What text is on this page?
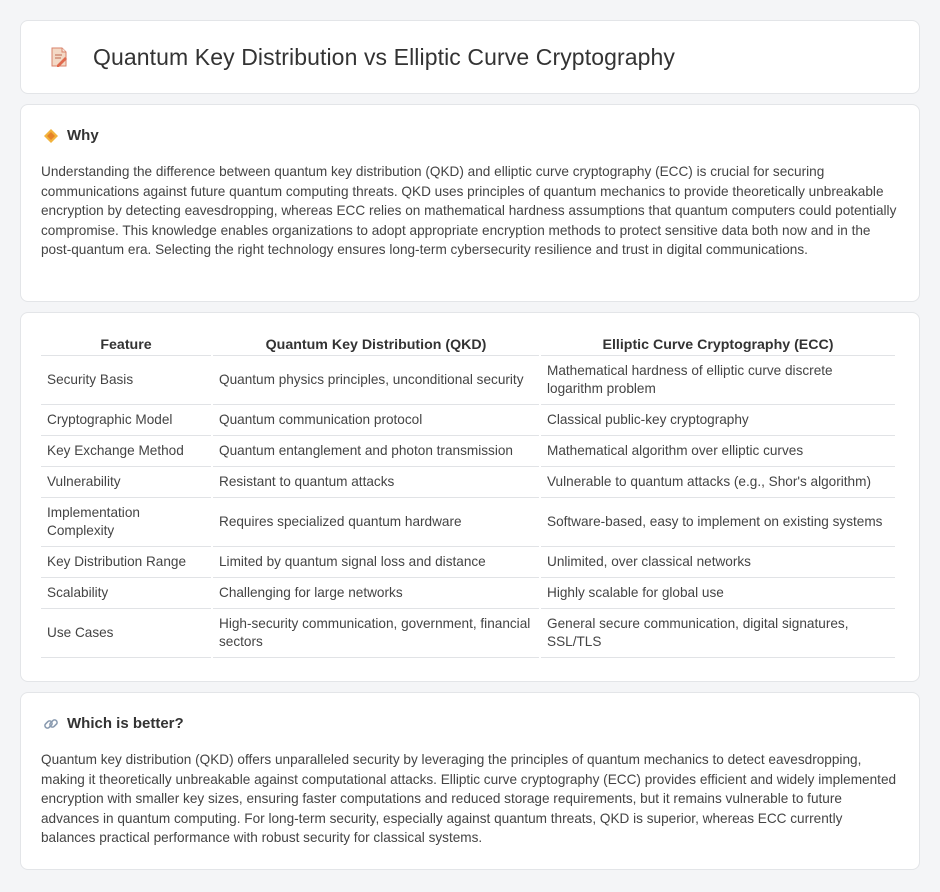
Quantum Key Distribution vs Elliptic Curve Cryptography
Why

Understanding the difference between quantum key distribution (QKD) and elliptic curve cryptography (ECC) is crucial for securing communications against future quantum computing threats. QKD uses principles of quantum mechanics to provide theoretically unbreakable encryption by detecting eavesdropping, whereas ECC relies on mathematical hardness assumptions that quantum computers could potentially compromise. This knowledge enables organizations to adopt appropriate encryption methods to protect sensitive data both now and in the post-quantum era. Selecting the right technology ensures long-term cybersecurity resilience and trust in digital communications.

Feature	Quantum Key Distribution (QKD)	Elliptic Curve Cryptography (ECC)
Security Basis	Quantum physics principles, unconditional security	Mathematical hardness of elliptic curve discrete logarithm problem
Cryptographic Model	Quantum communication protocol	Classical public-key cryptography
Key Exchange Method	Quantum entanglement and photon transmission	Mathematical algorithm over elliptic curves
Vulnerability	Resistant to quantum attacks	Vulnerable to quantum attacks (e.g., Shor's algorithm)
Implementation Complexity	Requires specialized quantum hardware	Software-based, easy to implement on existing systems
Key Distribution Range	Limited by quantum signal loss and distance	Unlimited, over classical networks
Scalability	Challenging for large networks	Highly scalable for global use
Use Cases	High-security communication, government, financial sectors	General secure communication, digital signatures, SSL/TLS
Which is better?

Quantum key distribution (QKD) offers unparalleled security by leveraging the principles of quantum mechanics to detect eavesdropping, making it theoretically unbreakable against computational attacks. Elliptic curve cryptography (ECC) provides efficient and widely implemented encryption with smaller key sizes, ensuring faster computations and reduced storage requirements, but it remains vulnerable to future advances in quantum computing. For long-term security, especially against quantum threats, QKD is superior, whereas ECC currently balances practical performance with robust security for classical systems.
